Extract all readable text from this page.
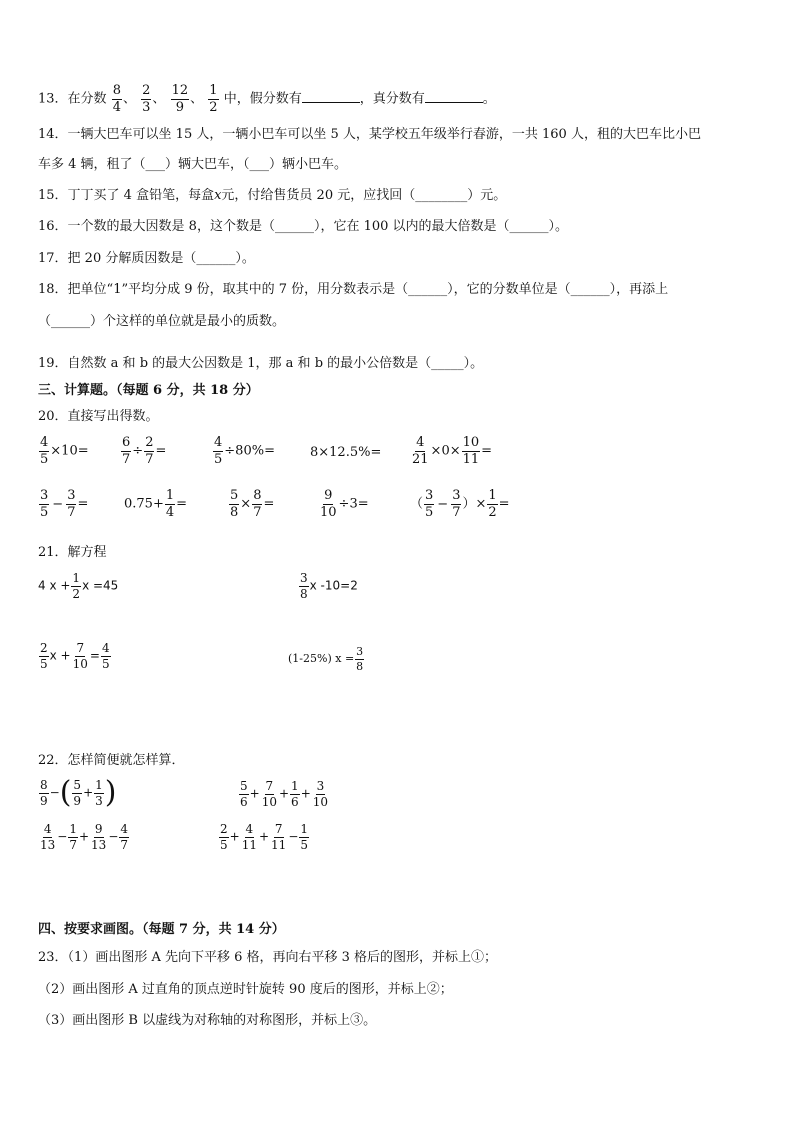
13．在分数 $\frac{8}{4}$ 、 $\frac{2}{3}$ 、 $\frac{12}{9}$ 、 $\frac{1}{2}$ 中，假分数有	，真分数有	。
14．一辆大巴车可以坐 15 人，一辆小巴车可以坐 5 人，某学校五年级举行春游，一共 160 人，租的大巴车比小巴
车多 4 辆，租了（___）辆大巴车，（___）辆小巴车。
15．丁丁买了 4 盒铅笔，每盒x元，付给售货员 20 元，应找回（________）元。
16．一个数的最大因数是 8，这个数是（______），它在 100 以内的最大倍数是（______）。
17．把 20 分解质因数是（______）。
18．把单位“1”平均分成 9 份，取其中的 7 份，用分数表示是（______），它的分数单位是（______），再添上
（______）个这样的单位就是最小的质数。
19．自然数 a 和 b 的最大公因数是 1，那 a 和 b 的最小公倍数是（_____）。
三、计算题。（每题 6 分，共 18 分）
20．直接写出得数。
$\frac{4}{5} \times 10= \frac{6}{7} \div \frac{2}{7}$ =	$\frac{4}{5} \div 80\%=$	$8\times 12.5\%= \frac{4}{21} \times 0\times \frac{10}{11}$ =
$\frac{3}{5} - \frac{3}{7}$ =	$0.75+ \frac{1}{4}$ =	$\frac{5}{8} \times \frac{8}{7}$ =	$\frac{9}{10} \div 3=$	（ $\frac{3}{5} - \frac{3}{7}$ ）× $\frac{1}{2}$ =
21．解方程
4 $x + \frac{1}{2}$ x =45	$\frac{3}{8}$ x -10=2
$\frac{2}{5}$ $x + \frac{7}{10} = \frac{4}{5}$	(1-25%) $x = \frac{3}{8}$
22．怎样简便就怎样算．
$\frac{8}{9}$ −( $\frac{5}{9} + \frac{1}{3}$ )	$\frac{5}{6} + \frac{7}{10} + \frac{1}{6} + \frac{3}{10}$
$\frac{4}{13} - \frac{1}{7} + \frac{9}{13} - \frac{4}{7}$	$\frac{2}{5} + \frac{4}{11} + \frac{7}{11} - \frac{1}{5}$
四、按要求画图。（每题 7 分，共 14 分）
23．（1）画出图形 A 先向下平移 6 格，再向右平移 3 格后的图形，并标上①；
（2）画出图形 A 过直角的顶点逆时针旋转 90 度后的图形，并标上②；
（3）画出图形 B 以虚线为对称轴的对称图形，并标上③。
